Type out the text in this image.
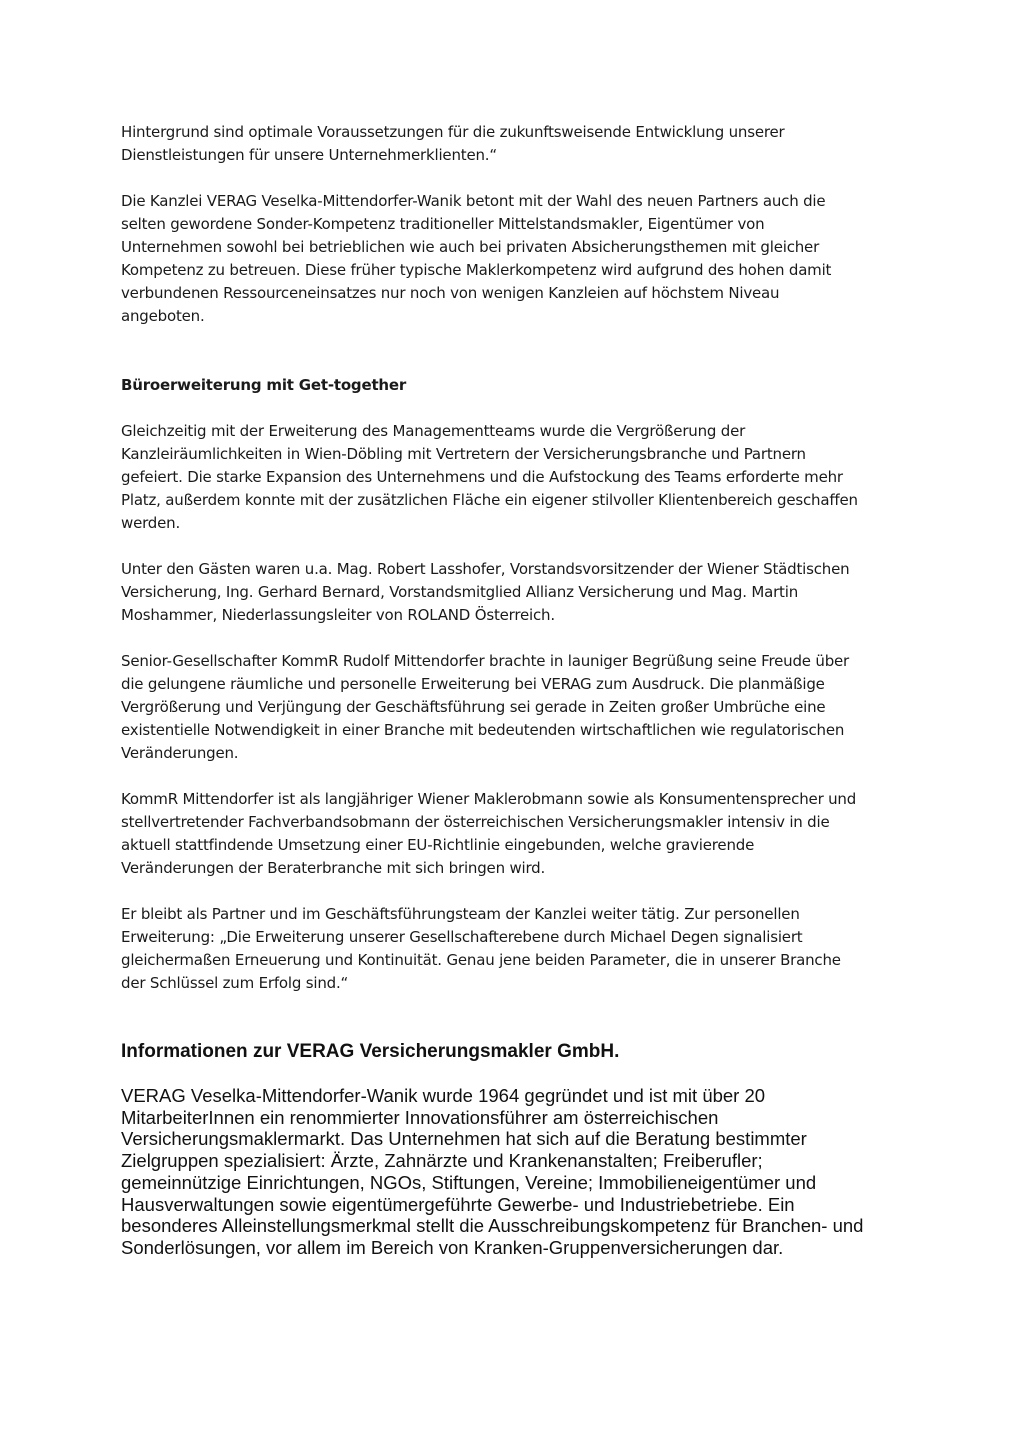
Hintergrund sind optimale Voraussetzungen für die zukunftsweisende Entwicklung unserer
Dienstleistungen für unsere Unternehmerklienten.“

Die Kanzlei VERAG Veselka-Mittendorfer-Wanik betont mit der Wahl des neuen Partners auch die
selten gewordene Sonder-Kompetenz traditioneller Mittelstandsmakler, Eigentümer von
Unternehmen sowohl bei betrieblichen wie auch bei privaten Absicherungsthemen mit gleicher
Kompetenz zu betreuen. Diese früher typische Maklerkompetenz wird aufgrund des hohen damit
verbundenen Ressourceneinsatzes nur noch von wenigen Kanzleien auf höchstem Niveau
angeboten.

Büroerweiterung mit Get-together

Gleichzeitig mit der Erweiterung des Managementteams wurde die Vergrößerung der
Kanzleiräumlichkeiten in Wien-Döbling mit Vertretern der Versicherungsbranche und Partnern
gefeiert. Die starke Expansion des Unternehmens und die Aufstockung des Teams erforderte mehr
Platz, außerdem konnte mit der zusätzlichen Fläche ein eigener stilvoller Klientenbereich geschaffen
werden.

Unter den Gästen waren u.a. Mag. Robert Lasshofer, Vorstandsvorsitzender der Wiener Städtischen
Versicherung, Ing. Gerhard Bernard, Vorstandsmitglied Allianz Versicherung und Mag. Martin
Moshammer, Niederlassungsleiter von ROLAND Österreich.

Senior-Gesellschafter KommR Rudolf Mittendorfer brachte in launiger Begrüßung seine Freude über
die gelungene räumliche und personelle Erweiterung bei VERAG zum Ausdruck. Die planmäßige
Vergrößerung und Verjüngung der Geschäftsführung sei gerade in Zeiten großer Umbrüche eine
existentielle Notwendigkeit in einer Branche mit bedeutenden wirtschaftlichen wie regulatorischen
Veränderungen.

KommR Mittendorfer ist als langjähriger Wiener Maklerobmann sowie als Konsumentensprecher und
stellvertretender Fachverbandsobmann der österreichischen Versicherungsmakler intensiv in die
aktuell stattfindende Umsetzung einer EU-Richtlinie eingebunden, welche gravierende
Veränderungen der Beraterbranche mit sich bringen wird.

Er bleibt als Partner und im Geschäftsführungsteam der Kanzlei weiter tätig. Zur personellen
Erweiterung: „Die Erweiterung unserer Gesellschafterebene durch Michael Degen signalisiert
gleichermaßen Erneuerung und Kontinuität. Genau jene beiden Parameter, die in unserer Branche
der Schlüssel zum Erfolg sind.“

Informationen zur VERAG Versicherungsmakler GmbH.

VERAG Veselka-Mittendorfer-Wanik wurde 1964 gegründet und ist mit über 20
MitarbeiterInnen ein renommierter Innovationsführer am österreichischen
Versicherungsmaklermarkt. Das Unternehmen hat sich auf die Beratung bestimmter
Zielgruppen spezialisiert: Ärzte, Zahnärzte und Krankenanstalten; Freiberufler;
gemeinnützige Einrichtungen, NGOs, Stiftungen, Vereine; Immobilieneigentümer und
Hausverwaltungen sowie eigentümergeführte Gewerbe- und Industriebetriebe. Ein
besonderes Alleinstellungsmerkmal stellt die Ausschreibungskompetenz für Branchen- und
Sonderlösungen, vor allem im Bereich von Kranken-Gruppenversicherungen dar.
